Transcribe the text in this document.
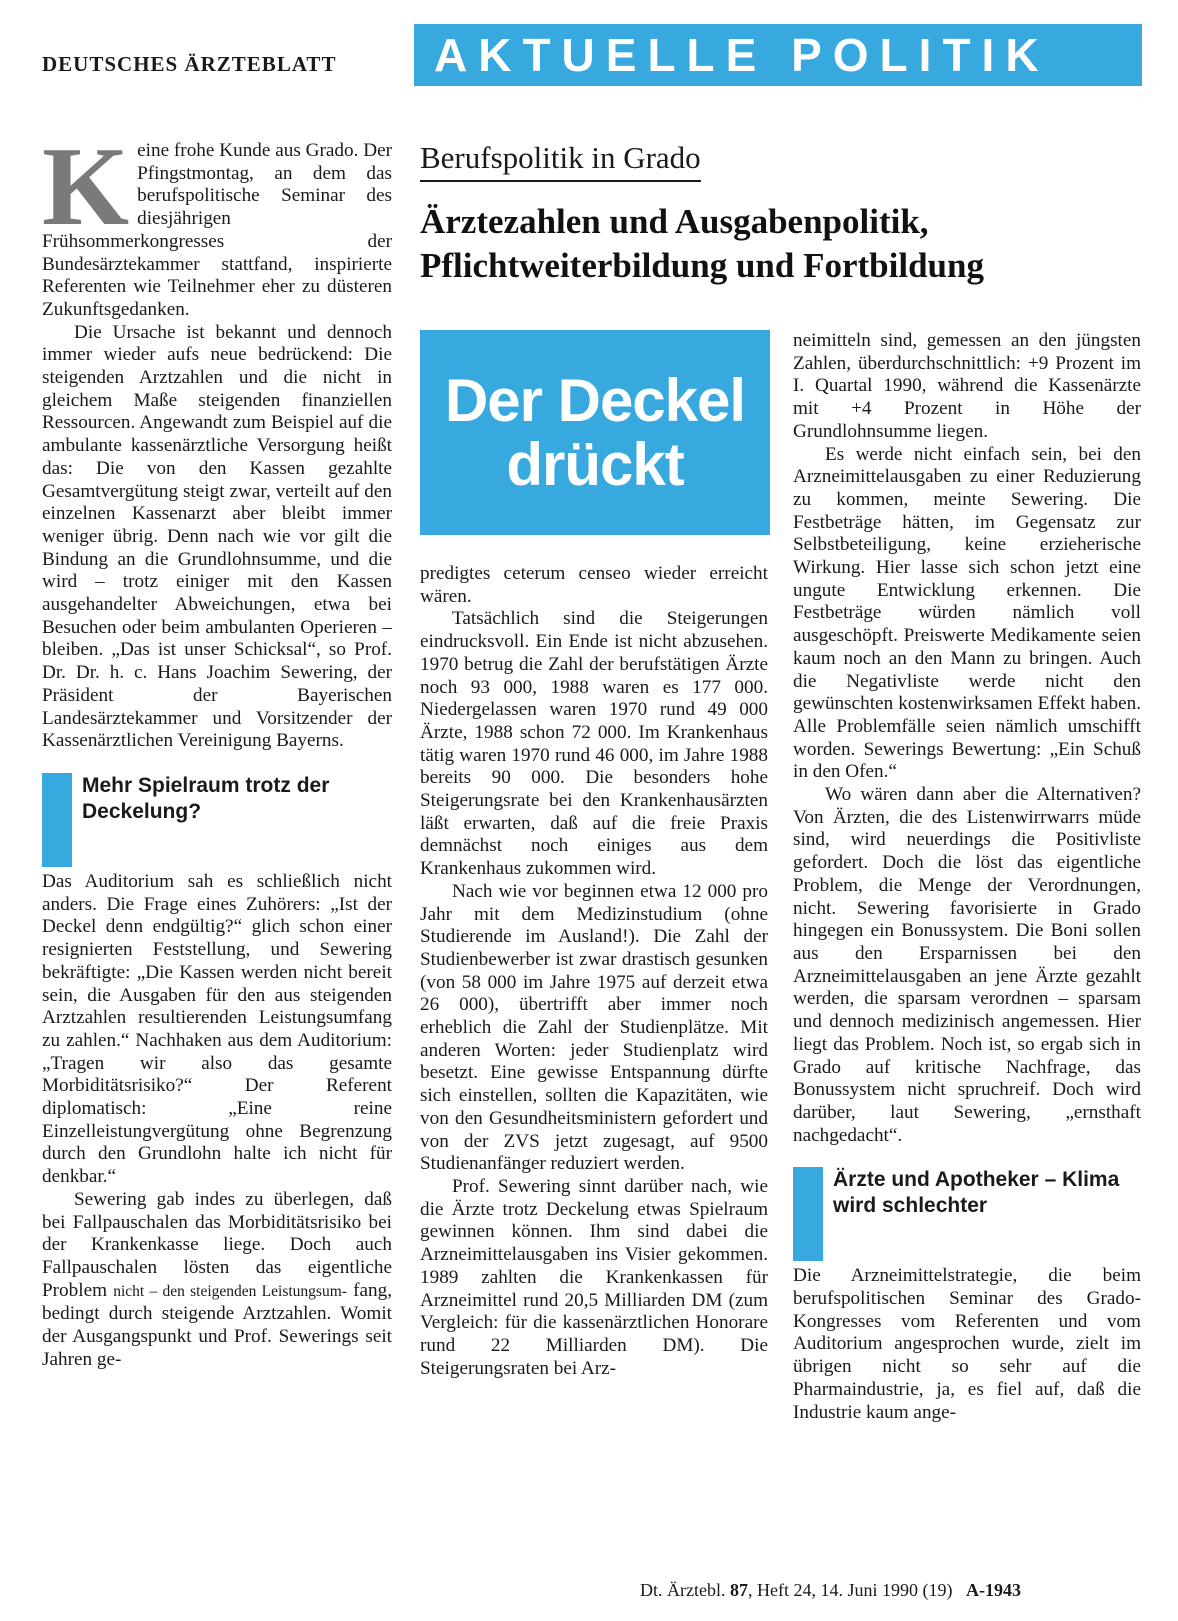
DEUTSCHES ÄRZTEBLATT	AKTUELLE POLITIK

Keine frohe Kunde aus Grado. Der Pfingstmontag, an dem das berufspolitische Seminar des diesjährigen Frühsommerkongresses der Bundesärztekammer stattfand, inspirierte Referenten wie Teilnehmer eher zu düsteren Zukunftsgedanken.

Die Ursache ist bekannt und dennoch immer wieder aufs neue bedrückend: Die steigenden Arztzahlen und die nicht in gleichem Maße steigenden finanziellen Ressourcen. Angewandt zum Beispiel auf die ambulante kassenärztliche Versorgung heißt das: Die von den Kassen gezahlte Gesamtvergütung steigt zwar, verteilt auf den einzelnen Kassenarzt aber bleibt immer weniger übrig. Denn nach wie vor gilt die Bindung an die Grundlohnsumme, und die wird – trotz einiger mit den Kassen ausgehandelter Abweichungen, etwa bei Besuchen oder beim ambulanten Operieren – bleiben. „Das ist unser Schicksal“, so Prof. Dr. Dr. h. c. Hans Joachim Sewering, der Präsident der Bayerischen Landesärztekammer und Vorsitzender der Kassenärztlichen Vereinigung Bayerns.

Mehr Spielraum trotz der Deckelung?

Das Auditorium sah es schließlich nicht anders. Die Frage eines Zuhörers: „Ist der Deckel denn endgültig?“ glich schon einer resignierten Feststellung, und Sewering bekräftigte: „Die Kassen werden nicht bereit sein, die Ausgaben für den aus steigenden Arztzahlen resultierenden Leistungsumfang zu zahlen.“ Nachhaken aus dem Auditorium: „Tragen wir also das gesamte Morbiditätsrisiko?“ Der Referent diplomatisch: „Eine reine Einzelleistungvergütung ohne Begrenzung durch den Grundlohn halte ich nicht für denkbar.“

Sewering gab indes zu überlegen, daß bei Fallpauschalen das Morbiditätsrisiko bei der Krankenkasse liege. Doch auch Fallpauschalen lösten das eigentliche Problem nicht – den steigenden Leistungsum- fang, bedingt durch steigende Arztzahlen. Womit der Ausgangspunkt und Prof. Sewerings seit Jahren ge-

Berufspolitik in Grado
Ärztezahlen und Ausgabenpolitik, Pflichtweiterbildung und Fortbildung
Der Deckel
drückt

predigtes ceterum censeo wieder erreicht wären.

Tatsächlich sind die Steigerungen eindrucksvoll. Ein Ende ist nicht abzusehen. 1970 betrug die Zahl der berufstätigen Ärzte noch 93 000, 1988 waren es 177 000. Niedergelassen waren 1970 rund 49 000 Ärzte, 1988 schon 72 000. Im Krankenhaus tätig waren 1970 rund 46 000, im Jahre 1988 bereits 90 000. Die besonders hohe Steigerungsrate bei den Krankenhausärzten läßt erwarten, daß auf die freie Praxis demnächst noch einiges aus dem Krankenhaus zukommen wird.

Nach wie vor beginnen etwa 12 000 pro Jahr mit dem Medizinstudium (ohne Studierende im Ausland!). Die Zahl der Studienbewerber ist zwar drastisch gesunken (von 58 000 im Jahre 1975 auf derzeit etwa 26 000), übertrifft aber immer noch erheblich die Zahl der Studienplätze. Mit anderen Worten: jeder Studienplatz wird besetzt. Eine gewisse Entspannung dürfte sich einstellen, sollten die Kapazitäten, wie von den Gesundheitsministern gefordert und von der ZVS jetzt zugesagt, auf 9500 Studienanfänger reduziert werden.

Prof. Sewering sinnt darüber nach, wie die Ärzte trotz Deckelung etwas Spielraum gewinnen können. Ihm sind dabei die Arzneimittelausgaben ins Visier gekommen. 1989 zahlten die Krankenkassen für Arzneimittel rund 20,5 Milliarden DM (zum Vergleich: für die kassenärztlichen Honorare rund 22 Milliarden DM). Die Steigerungsraten bei Arz-

neimitteln sind, gemessen an den jüngsten Zahlen, überdurchschnittlich: +9 Prozent im I. Quartal 1990, während die Kassenärzte mit +4 Prozent in Höhe der Grundlohnsumme liegen.

Es werde nicht einfach sein, bei den Arzneimittelausgaben zu einer Reduzierung zu kommen, meinte Sewering. Die Festbeträge hätten, im Gegensatz zur Selbstbeteiligung, keine erzieherische Wirkung. Hier lasse sich schon jetzt eine ungute Entwicklung erkennen. Die Festbeträge würden nämlich voll ausgeschöpft. Preiswerte Medikamente seien kaum noch an den Mann zu bringen. Auch die Negativliste werde nicht den gewünschten kostenwirksamen Effekt haben. Alle Problemfälle seien nämlich umschifft worden. Sewerings Bewertung: „Ein Schuß in den Ofen.“

Wo wären dann aber die Alternativen? Von Ärzten, die des Listenwirrwarrs müde sind, wird neuerdings die Positivliste gefordert. Doch die löst das eigentliche Problem, die Menge der Verordnungen, nicht. Sewering favorisierte in Grado hingegen ein Bonussystem. Die Boni sollen aus den Ersparnissen bei den Arzneimittelausgaben an jene Ärzte gezahlt werden, die sparsam verordnen – sparsam und dennoch medizinisch angemessen. Hier liegt das Problem. Noch ist, so ergab sich in Grado auf kritische Nachfrage, das Bonussystem nicht spruchreif. Doch wird darüber, laut Sewering, „ernsthaft nachgedacht“.

Ärzte und Apotheker – Klima wird schlechter

Die Arzneimittelstrategie, die beim berufspolitischen Seminar des Grado-Kongresses vom Referenten und vom Auditorium angesprochen wurde, zielt im übrigen nicht so sehr auf die Pharmaindustrie, ja, es fiel auf, daß die Industrie kaum ange-

Dt. Ärztebl. 87, Heft 24, 14. Juni 1990 (19) A-1943
